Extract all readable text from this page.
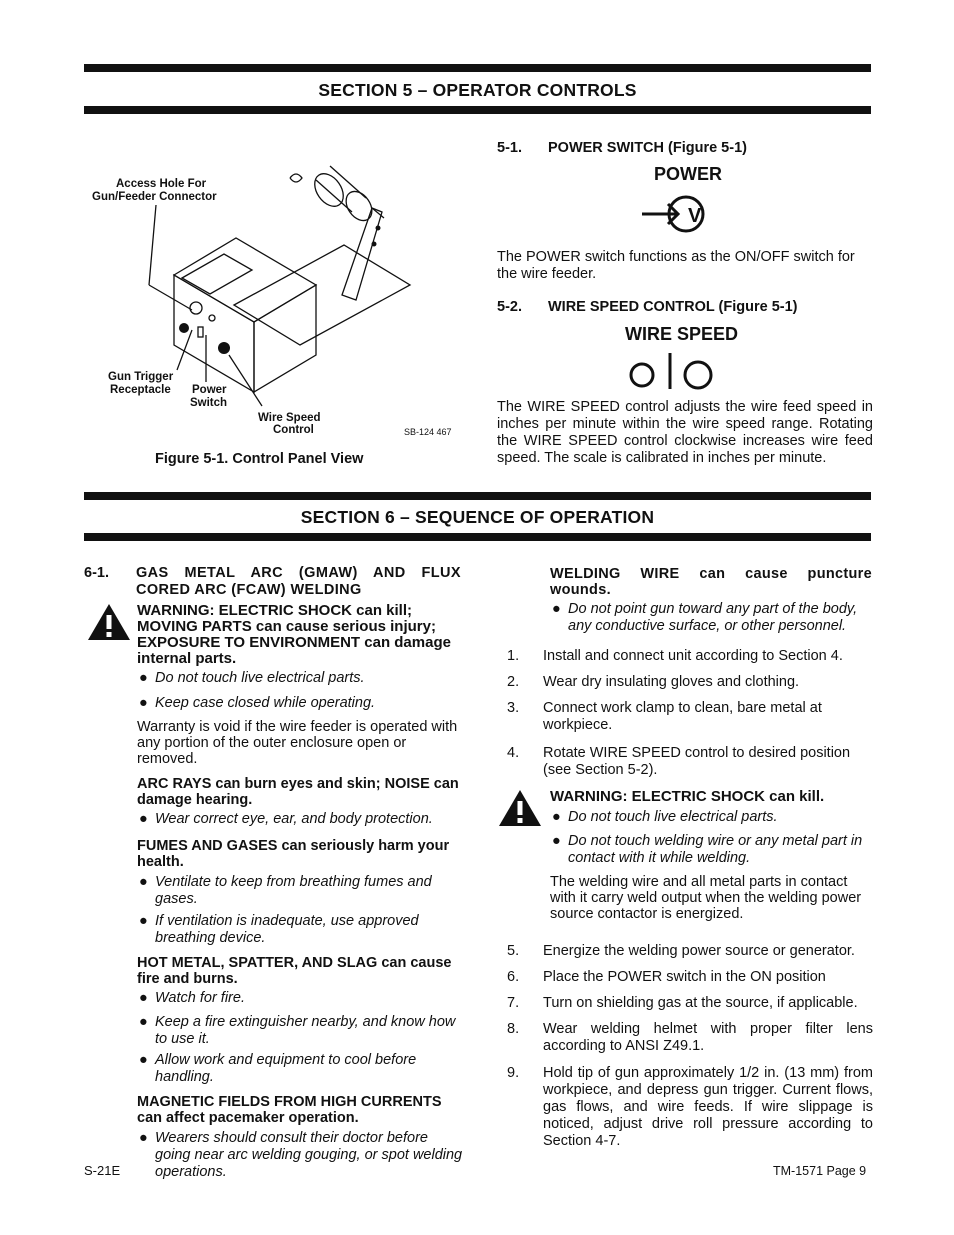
SECTION 5 – OPERATOR CONTROLS
Access Hole For
Gun/Feeder Connector
Gun Trigger
Receptacle Power
Switch
Wire Speed
Control	SB-124 467
Figure 5-1. Control Panel View
5-1. POWER SWITCH (Figure 5-1)
POWER
V
The POWER switch functions as the ON/OFF switch for the wire feeder.
5-2. WIRE SPEED CONTROL (Figure 5-1)
WIRE SPEED
The WIRE SPEED control adjusts the wire feed speed in inches per minute within the wire speed range. Rotating the WIRE SPEED control clockwise increases wire feed speed. The scale is calibrated in inches per minute.
SECTION 6 – SEQUENCE OF OPERATION
6-1. GAS METAL ARC (GMAW) AND FLUX CORED ARC (FCAW) WELDING
WARNING: ELECTRIC SHOCK can kill; MOVING PARTS can cause serious injury; EXPOSURE TO ENVIRONMENT can damage internal parts.
● Do not touch live electrical parts.
● Keep case closed while operating.
Warranty is void if the wire feeder is operated with any portion of the outer enclosure open or removed.
ARC RAYS can burn eyes and skin; NOISE can damage hearing.
● Wear correct eye, ear, and body protection.
FUMES AND GASES can seriously harm your health.
● Ventilate to keep from breathing fumes and gases.
● If ventilation is inadequate, use approved breathing device.
HOT METAL, SPATTER, AND SLAG can cause fire and burns.
● Watch for fire.
● Keep a fire extinguisher nearby, and know how to use it.
● Allow work and equipment to cool before handling.
MAGNETIC FIELDS FROM HIGH CURRENTS can affect pacemaker operation.
● Wearers should consult their doctor before going near arc welding gouging, or spot welding operations.
WELDING WIRE can cause puncture wounds.
● Do not point gun toward any part of the body, any conductive surface, or other personnel.
1. Install and connect unit according to Section 4.
2. Wear dry insulating gloves and clothing.
3. Connect work clamp to clean, bare metal at workpiece.
4. Rotate WIRE SPEED control to desired position (see Section 5-2).
WARNING: ELECTRIC SHOCK can kill.
● Do not touch live electrical parts.
● Do not touch welding wire or any metal part in contact with it while welding.
The welding wire and all metal parts in contact with it carry weld output when the welding power source contactor is energized.
5. Energize the welding power source or generator.
6. Place the POWER switch in the ON position
7. Turn on shielding gas at the source, if applicable.
8. Wear welding helmet with proper filter lens according to ANSI Z49.1.
9. Hold tip of gun approximately 1/2 in. (13 mm) from workpiece, and depress gun trigger. Current flows, gas flows, and wire feeds. If wire slippage is noticed, adjust drive roll pressure according to Section 4-7.
S-21E	TM-1571 Page 9
